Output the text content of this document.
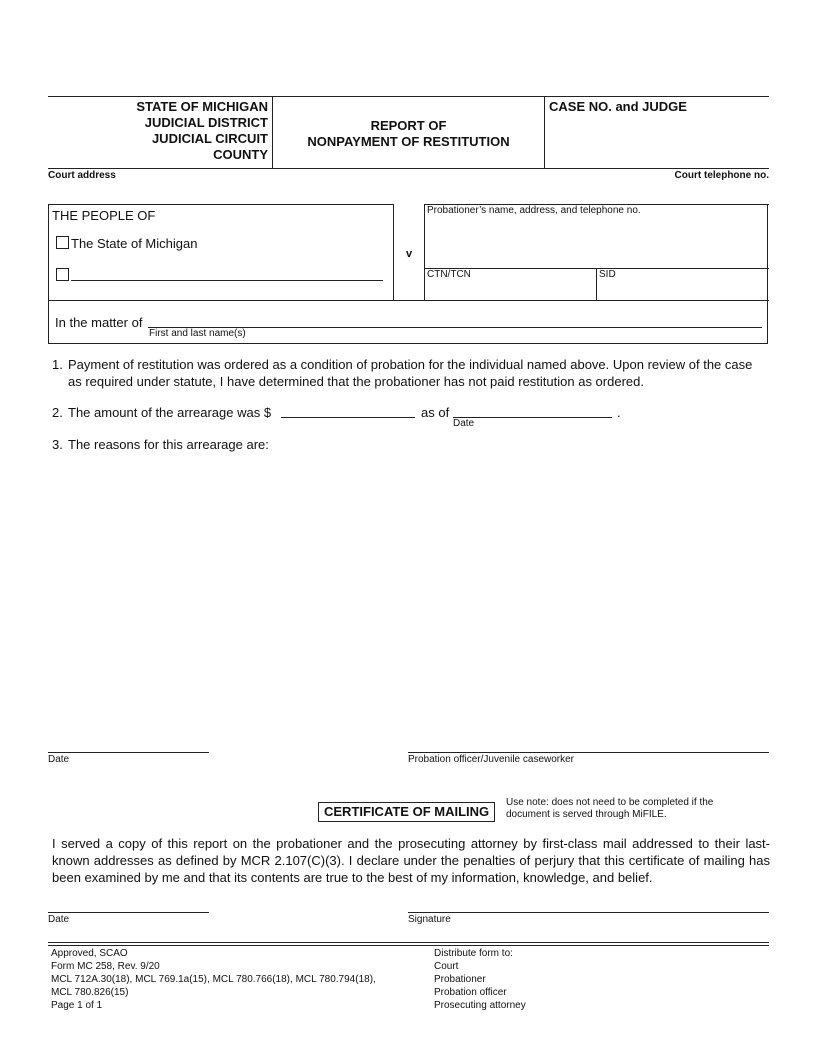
STATE OF MICHIGAN
JUDICIAL DISTRICT
JUDICIAL CIRCUIT
COUNTY
REPORT OF
NONPAYMENT OF RESTITUTION
CASE NO. and JUDGE
Court address	Court telephone no.
THE PEOPLE OF
The State of Michigan
v
Probationer’s name, address, and telephone no.
CTN/TCN	SID
In the matter of
First and last name(s)
1. Payment of restitution was ordered as a condition of probation for the individual named above. Upon review of the case as required under statute, I have determined that the probationer has not paid restitution as ordered.
2. The amount of the arrearage was $	as of	.
Date
3. The reasons for this arrearage are:
Date	Probation officer/Juvenile caseworker
CERTIFICATE OF MAILING
Use note: does not need to be completed if the document is served through MiFILE.
I served a copy of this report on the probationer and the prosecuting attorney by first-class mail addressed to their last-known addresses as defined by MCR 2.107(C)(3). I declare under the penalties of perjury that this certificate of mailing has been examined by me and that its contents are true to the best of my information, knowledge, and belief.
Date	Signature
Approved, SCAO
Form MC 258, Rev. 9/20
MCL 712A.30(18), MCL 769.1a(15), MCL 780.766(18), MCL 780.794(18),
MCL 780.826(15)
Page 1 of 1
Distribute form to:
Court
Probationer
Probation officer
Prosecuting attorney
